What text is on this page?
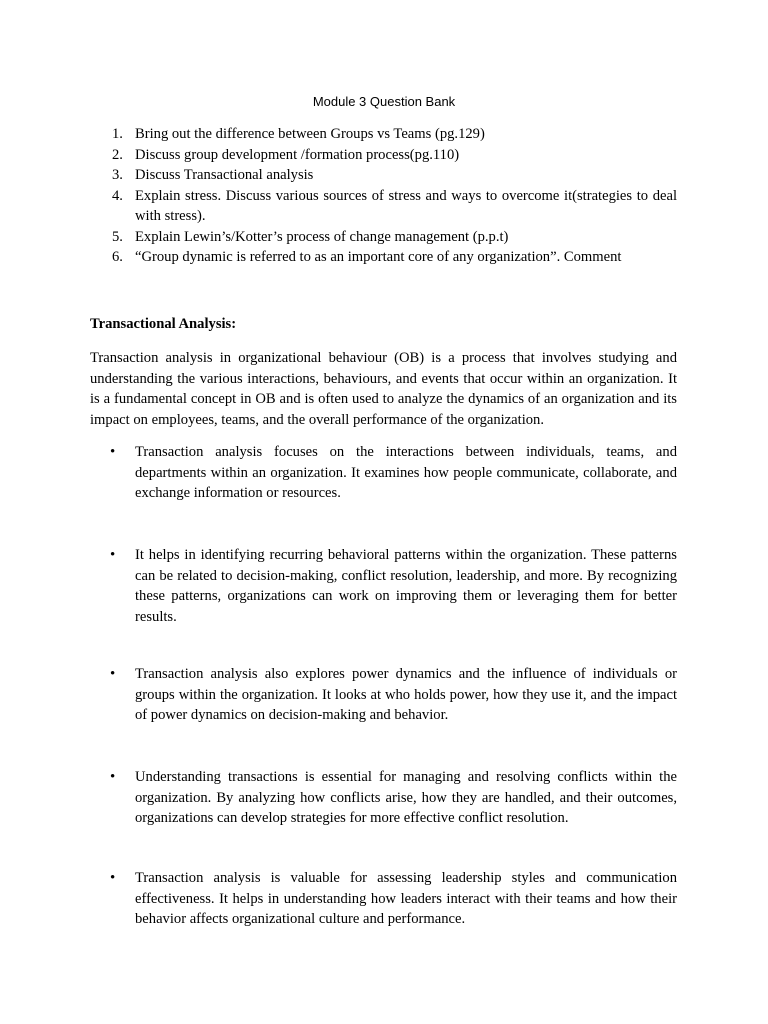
Module 3 Question Bank
1. Bring out the difference between Groups vs Teams (pg.129)
2. Discuss group development /formation process(pg.110)
3. Discuss Transactional analysis
4. Explain stress. Discuss various sources of stress and ways to overcome it(strategies to deal with stress).
5. Explain Lewin’s/Kotter’s process of change management (p.p.t)
6. “Group dynamic is referred to as an important core of any organization”. Comment
Transactional Analysis:

Transaction analysis in organizational behaviour (OB) is a process that involves studying and understanding the various interactions, behaviours, and events that occur within an organization. It is a fundamental concept in OB and is often used to analyze the dynamics of an organization and its impact on employees, teams, and the overall performance of the organization.

• Transaction analysis focuses on the interactions between individuals, teams, and departments within an organization. It examines how people communicate, collaborate, and exchange information or resources.
• It helps in identifying recurring behavioral patterns within the organization. These patterns can be related to decision-making, conflict resolution, leadership, and more. By recognizing these patterns, organizations can work on improving them or leveraging them for better results.
• Transaction analysis also explores power dynamics and the influence of individuals or groups within the organization. It looks at who holds power, how they use it, and the impact of power dynamics on decision-making and behavior.
• Understanding transactions is essential for managing and resolving conflicts within the organization. By analyzing how conflicts arise, how they are handled, and their outcomes, organizations can develop strategies for more effective conflict resolution.
• Transaction analysis is valuable for assessing leadership styles and communication effectiveness. It helps in understanding how leaders interact with their teams and how their behavior affects organizational culture and performance.
